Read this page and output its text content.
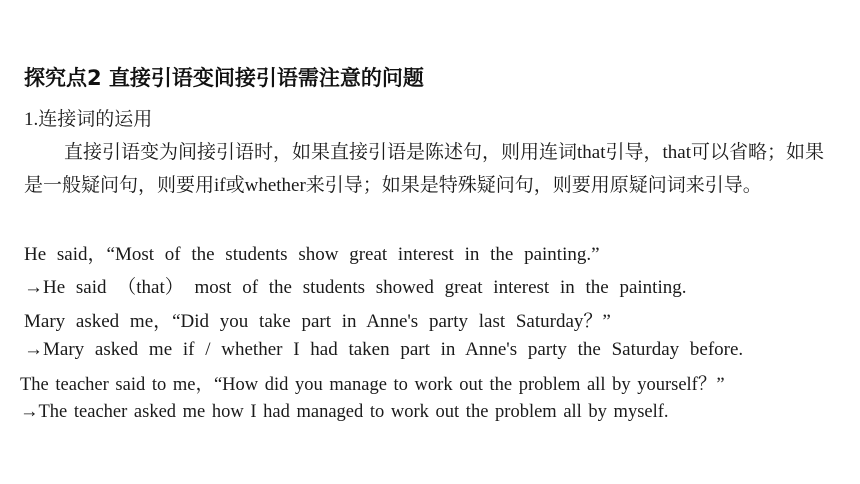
探究点2 直接引语变间接引语需注意的问题
1.连接词的运用
直接引语变为间接引语时，如果直接引语是陈述句，则用连词that引导，that可以省略；如果是一般疑问句，则要用if或whether来引导；如果是特殊疑问句，则要用原疑问词来引导。
He said，“Most of the students show great interest in the painting.”
→He said （that） most of the students showed great interest in the painting.
Mary asked me，“Did you take part in Anne's party last Saturday？”
→Mary asked me if / whether I had taken part in Anne's party the Saturday before.
The teacher said to me，“How did you manage to work out the problem all by yourself？”
→The teacher asked me how I had managed to work out the problem all by myself.
